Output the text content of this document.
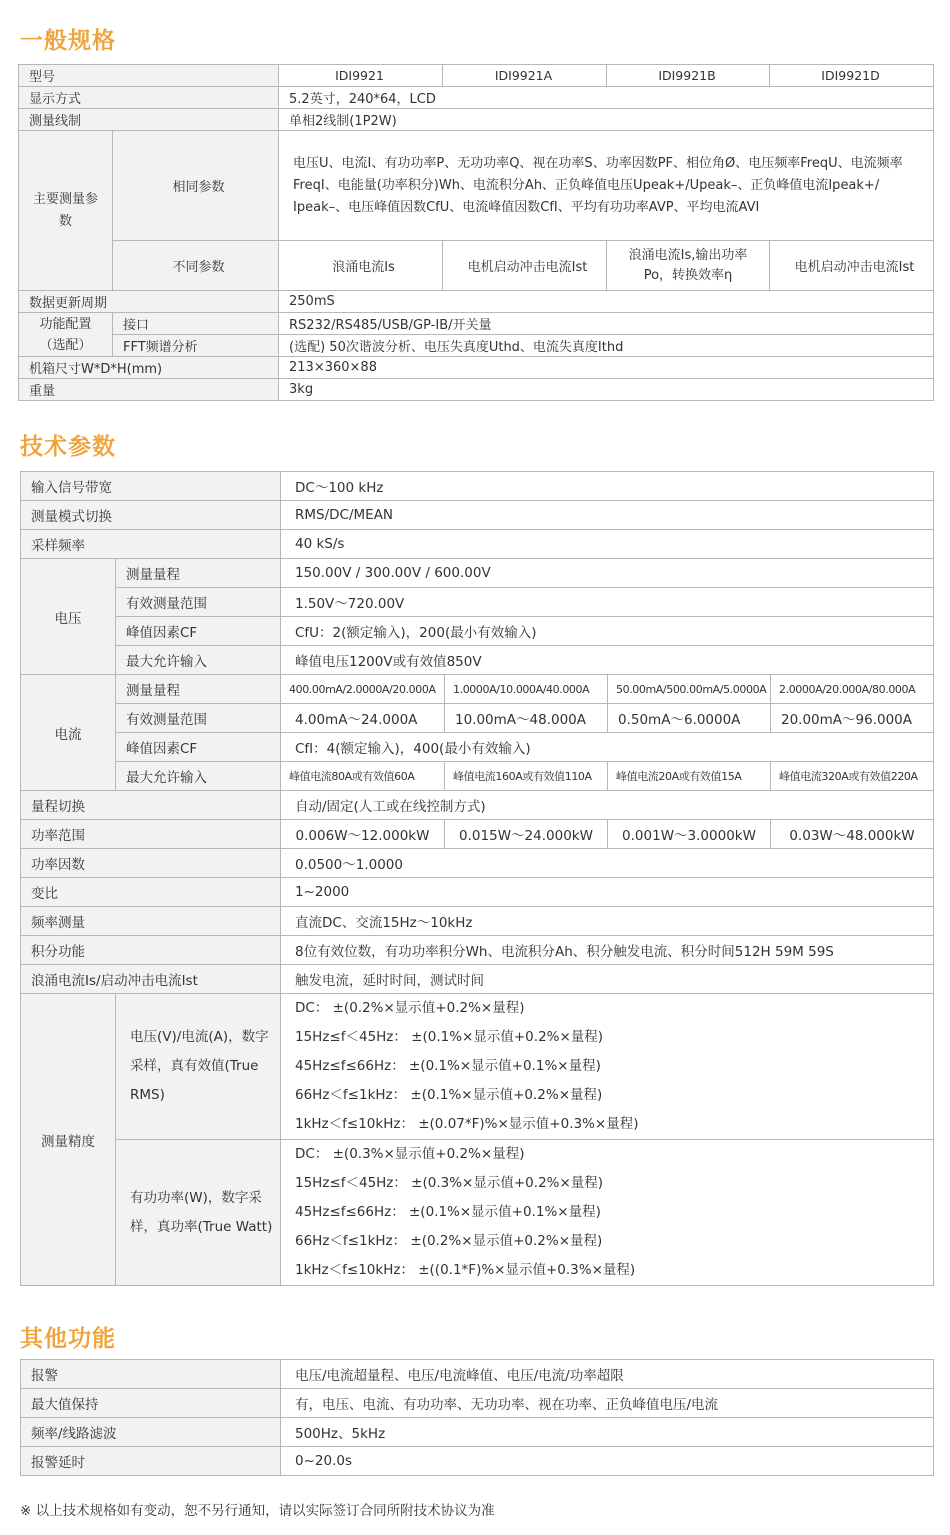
一般规格
型号		IDI9921	IDI9921A	IDI9921B	IDI9921D
显示方式		5.2英寸，240*64，LCD			
测量线制		单相2线制(1P2W)			
主要测量参数	相同参数	电压U、电流I、有功功率P、无功功率Q、视在功率S、功率因数PF、相位角Ø、电压频率FreqU、电流频率FreqI、电能量(功率积分)Wh、电流积分Ah、正负峰值电压Upeak+/Upeak–、正负峰值电流Ipeak+/ Ipeak–、电压峰值因数CfU、电流峰值因数CfI、平均有功功率AVP、平均电流AVI			
	不同参数	浪涌电流Is	电机启动冲击电流Ist	浪涌电流Is,输出功率Po，转换效率η	电机启动冲击电流Ist
数据更新周期		250mS			
功能配置（选配）	接口	RS232/RS485/USB/GP-IB/开关量			
	FFT频谱分析	(选配) 50次谐波分析、电压失真度Uthd、电流失真度Ithd			
机箱尺寸W*D*H(mm)		213×360×88			
重量		3kg			
技术参数
输入信号带宽		DC～100 kHz			
测量模式切换		RMS/DC/MEAN			
采样频率		40 kS/s			
电压	测量量程	150.00V / 300.00V / 600.00V			
	有效测量范围	1.50V～720.00V			
	峰值因素CF	CfU：2(额定输入)，200(最小有效输入)			
	最大允许输入	峰值电压1200V或有效值850V			
电流	测量量程	400.00mA/2.0000A/20.000A	1.0000A/10.000A/40.000A	50.00mA/500.00mA/5.0000A	2.0000A/20.000A/80.000A
	有效测量范围	4.00mA～24.000A	10.00mA～48.000A	0.50mA～6.0000A	20.00mA～96.000A
	峰值因素CF	CfI：4(额定输入)，400(最小有效输入)			
	最大允许输入	峰值电流80A或有效值60A	峰值电流160A或有效值110A	峰值电流20A或有效值15A	峰值电流320A或有效值220A
量程切换		自动/固定(人工或在线控制方式)			
功率范围		0.006W～12.000kW	0.015W～24.000kW	0.001W～3.0000kW	0.03W～48.000kW
功率因数		0.0500～1.0000			
变比		1~2000			
频率测量		直流DC、交流15Hz～10kHz			
积分功能		8位有效位数，有功功率积分Wh、电流积分Ah、积分触发电流、积分时间512H 59M 59S			
浪涌电流Is/启动冲击电流Ist		触发电流，延时时间，测试时间			
测量精度	电压(V)/电流(A)，数字采样，真有效值(True RMS)	DC： ±(0.2%×显示值+0.2%×量程)
15Hz≤f＜45Hz： ±(0.1%×显示值+0.2%×量程)
45Hz≤f≤66Hz： ±(0.1%×显示值+0.1%×量程)
66Hz＜f≤1kHz： ±(0.1%×显示值+0.2%×量程)
1kHz＜f≤10kHz： ±(0.07*F)%×显示值+0.3%×量程)			

	有功功率(W)，数字采样，真功率(True Watt)	DC： ±(0.3%×显示值+0.2%×量程)
15Hz≤f＜45Hz： ±(0.3%×显示值+0.2%×量程)
45Hz≤f≤66Hz： ±(0.1%×显示值+0.1%×量程)
66Hz＜f≤1kHz： ±(0.2%×显示值+0.2%×量程)
1kHz＜f≤10kHz： ±((0.1*F)%×显示值+0.3%×量程)			
其他功能
报警	电压/电流超量程、电压/电流峰值、电压/电流/功率超限
最大值保持	有，电压、电流、有功功率、无功功率、视在功率、正负峰值电压/电流
频率/线路滤波	500Hz、5kHz
报警延时	0~20.0s
※ 以上技术规格如有变动，恕不另行通知，请以实际签订合同所附技术协议为准
